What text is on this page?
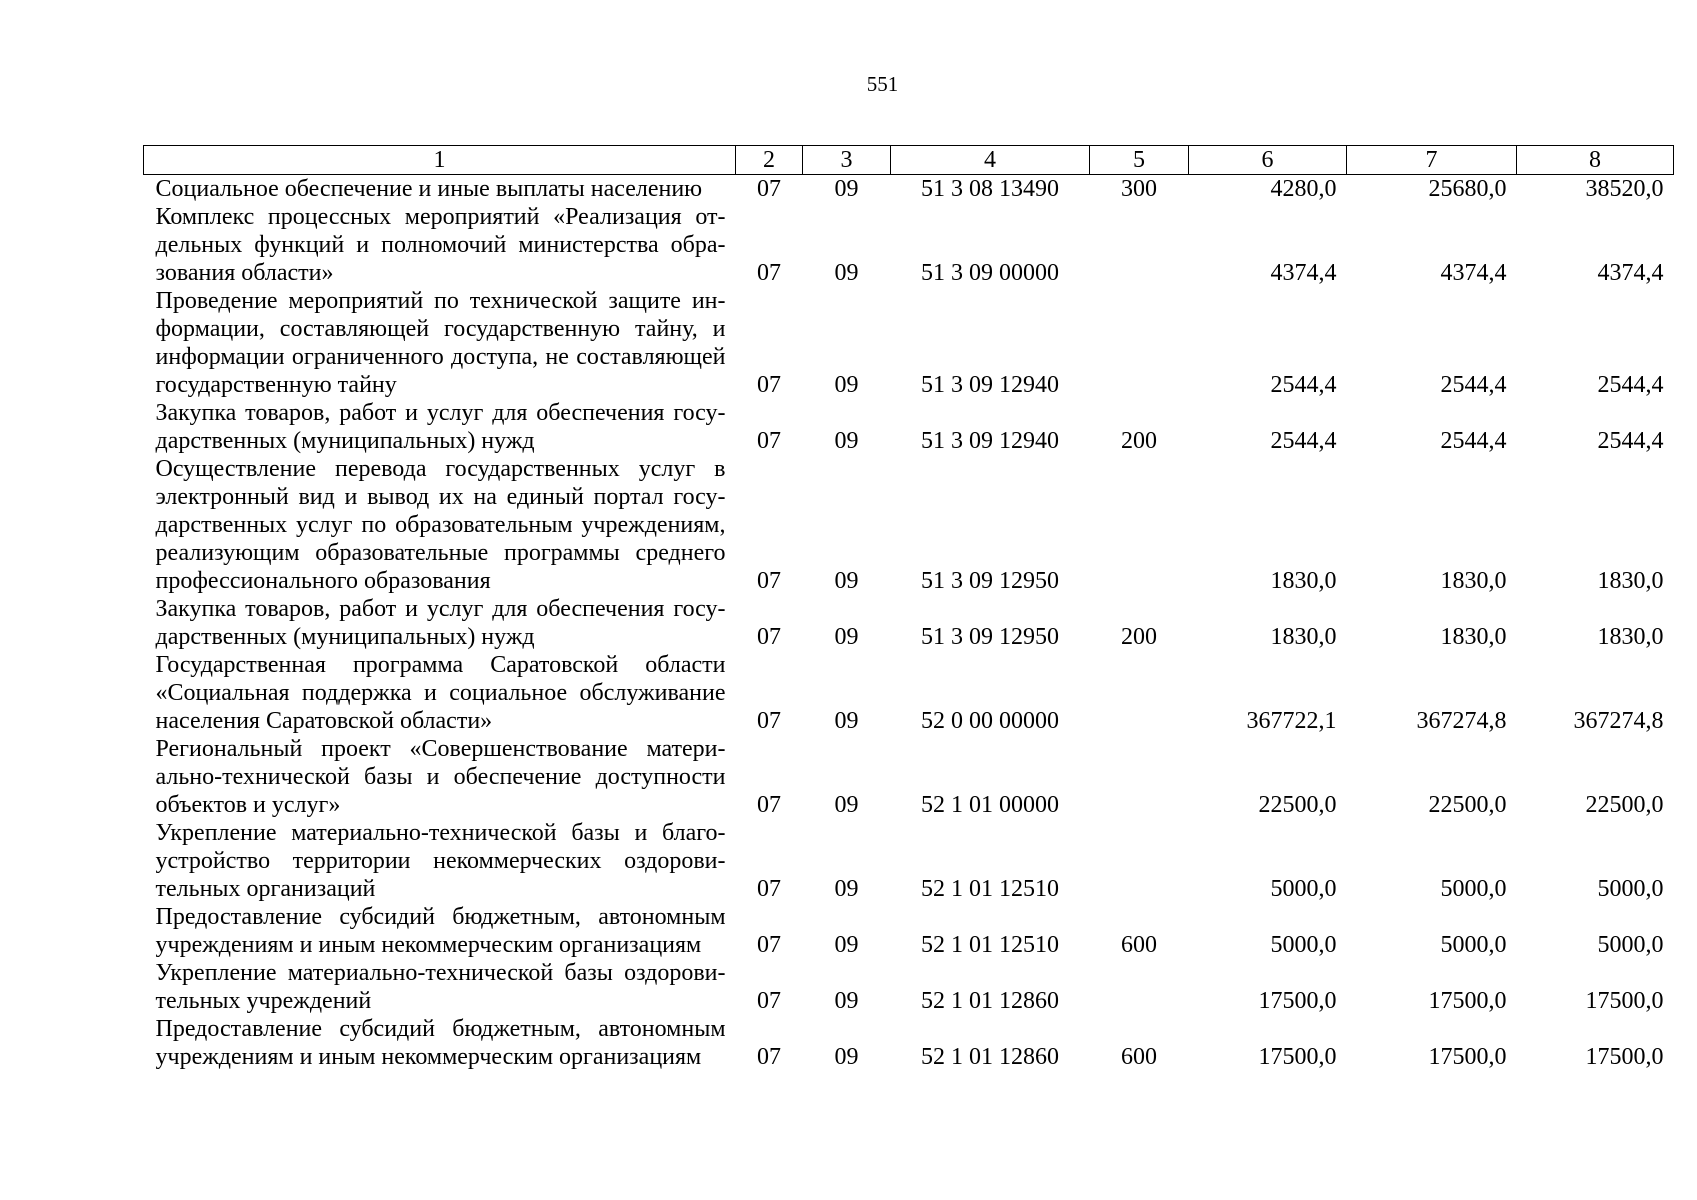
551
1	2	3	4	5	6	7	8

Социальное обеспечение и иные выплаты населению	07	09	51 3 08 13490	300	4280,0	25680,0	38520,0

Комплекс процессных мероприятий «Реализация от-
дельных функций и полномочий министерства обра-
зования области»	07	09	51 3 09 00000		4374,4	4374,4	4374,4

Проведение мероприятий по технической защите ин-
формации, составляющей государственную тайну, и
информации ограниченного доступа, не составляющей
государственную тайну	07	09	51 3 09 12940		2544,4	2544,4	2544,4

Закупка товаров, работ и услуг для обеспечения госу-
дарственных (муниципальных) нужд	07	09	51 3 09 12940	200	2544,4	2544,4	2544,4

Осуществление перевода государственных услуг в
электронный вид и вывод их на единый портал госу-
дарственных услуг по образовательным учреждениям,
реализующим образовательные программы среднего
профессионального образования	07	09	51 3 09 12950		1830,0	1830,0	1830,0

Закупка товаров, работ и услуг для обеспечения госу-
дарственных (муниципальных) нужд	07	09	51 3 09 12950	200	1830,0	1830,0	1830,0

Государственная программа Саратовской области
«Социальная поддержка и социальное обслуживание
населения Саратовской области»	07	09	52 0 00 00000		367722,1	367274,8	367274,8

Региональный проект «Совершенствование матери-
ально-технической базы и обеспечение доступности
объектов и услуг»	07	09	52 1 01 00000		22500,0	22500,0	22500,0

Укрепление материально-технической базы и благо-
устройство территории некоммерческих оздорови-
тельных организаций	07	09	52 1 01 12510		5000,0	5000,0	5000,0

Предоставление субсидий бюджетным, автономным
учреждениям и иным некоммерческим организациям	07	09	52 1 01 12510	600	5000,0	5000,0	5000,0

Укрепление материально-технической базы оздорови-
тельных учреждений	07	09	52 1 01 12860		17500,0	17500,0	17500,0

Предоставление субсидий бюджетным, автономным
учреждениям и иным некоммерческим организациям	07	09	52 1 01 12860	600	17500,0	17500,0	17500,0
